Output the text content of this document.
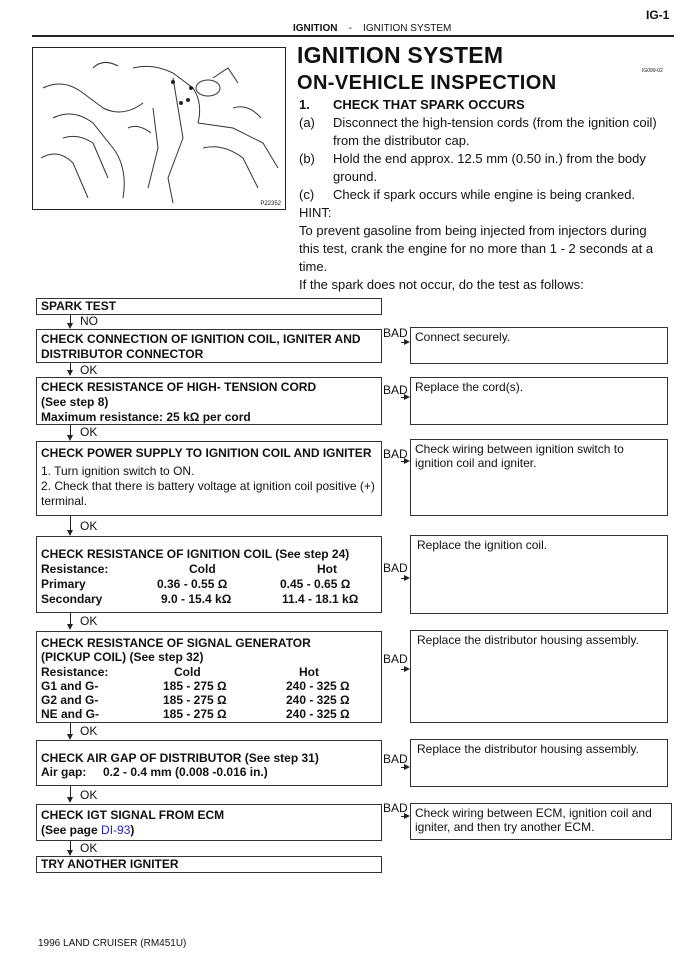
IGNITION - IGNITION SYSTEM
IG-1
P22352
IGNITION SYSTEM
ON-VEHICLE INSPECTION
IG099-02
1. CHECK THAT SPARK OCCURS
(a) Disconnect the high-tension cords (from the ignition coil)
from the distributor cap.
(b) Hold the end approx. 12.5 mm (0.50 in.) from the body
ground.
(c) Check if spark occurs while engine is being cranked.
HINT:
To prevent gasoline from being injected from injectors during
this test, crank the engine for no more than 1 - 2 seconds at a
time.
If the spark does not occur, do the test as follows:
SPARK TEST
NO
CHECK CONNECTION OF IGNITION COIL, IGNITER AND
DISTRIBUTOR CONNECTOR
BAD Connect securely.
OK
CHECK RESISTANCE OF HIGH- TENSION CORD
(See step 8)
Maximum resistance: 25 kΩ per cord
BAD Replace the cord(s).
OK
CHECK POWER SUPPLY TO IGNITION COIL AND IGNITER
1. Turn ignition switch to ON.
2. Check that there is battery voltage at ignition coil positive (+)
terminal.
BAD Check wiring between ignition switch to ignition coil and igniter.
OK
CHECK RESISTANCE OF IGNITION COIL (See step 24)
Resistance:	Cold	Hot
Primary	0.36 - 0.55 Ω	0.45 - 0.65 Ω
Secondary	9.0 - 15.4 kΩ	11.4 - 18.1 kΩ
BAD
Replace the ignition coil.
OK
CHECK RESISTANCE OF SIGNAL GENERATOR
(PICKUP COIL) (See step 32)
Resistance:	Cold	Hot
G1 and G-	185 - 275 Ω	240 - 325 Ω
G2 and G-	185 - 275 Ω	240 - 325 Ω
NE and G-	185 - 275 Ω	240 - 325 Ω
BAD
Replace the distributor housing assembly.
OK
CHECK AIR GAP OF DISTRIBUTOR (See step 31)
Air gap:     0.2 - 0.4 mm (0.008 -0.016 in.)
BAD
Replace the distributor housing assembly.
OK
CHECK IGT SIGNAL FROM ECM
(See page DI-93)
BAD Check wiring between ECM, ignition coil and igniter, and then try another ECM.
OK
TRY ANOTHER IGNITER
1996 LAND CRUISER (RM451U)
